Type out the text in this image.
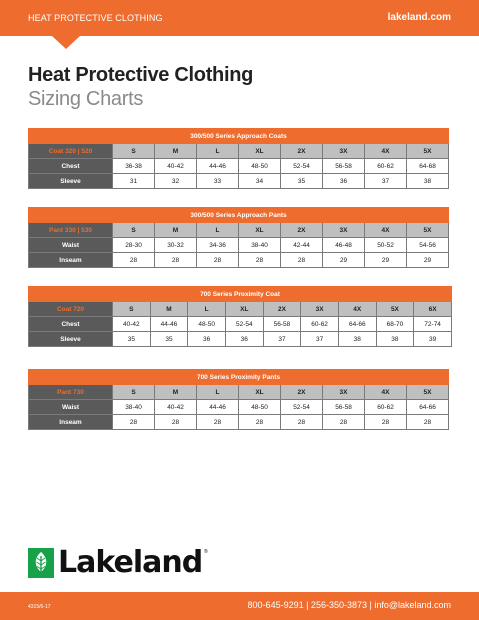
HEAT PROTECTIVE CLOTHING	lakeland.com
Heat Protective Clothing
Sizing Charts
300/500 Series Approach Coats								
Coat 320 | 520	S	M	L	XL	2X	3X	4X	5X
Chest	36-38	40-42	44-46	48-50	52-54	56-58	60-62	64-68
Sleeve	31	32	33	34	35	36	37	38
300/500 Series Approach Pants								
Pant 330 | 530	S	M	L	XL	2X	3X	4X	5X
Waist	28-30	30-32	34-36	38-40	42-44	46-48	50-52	54-56
Inseam	28	28	28	28	28	29	29	29
700 Series Proximity Coat									
Coat 720	S	M	L	XL	2X	3X	4X	5X	6X
Chest	40-42	44-46	48-50	52-54	56-58	60-62	64-66	68-70	72-74
Sleeve	35	35	36	36	37	37	38	38	39
700 Series Proximity Pants								
Pant 730	S	M	L	XL	2X	3X	4X	5X
Waist	38-40	40-42	44-46	48-50	52-54	56-58	60-62	64-66
Inseam	28	28	28	28	28	28	28	28
Lakeland ®
4315/6-17	800-645-9291 | 256-350-3873 | info@lakeland.com
